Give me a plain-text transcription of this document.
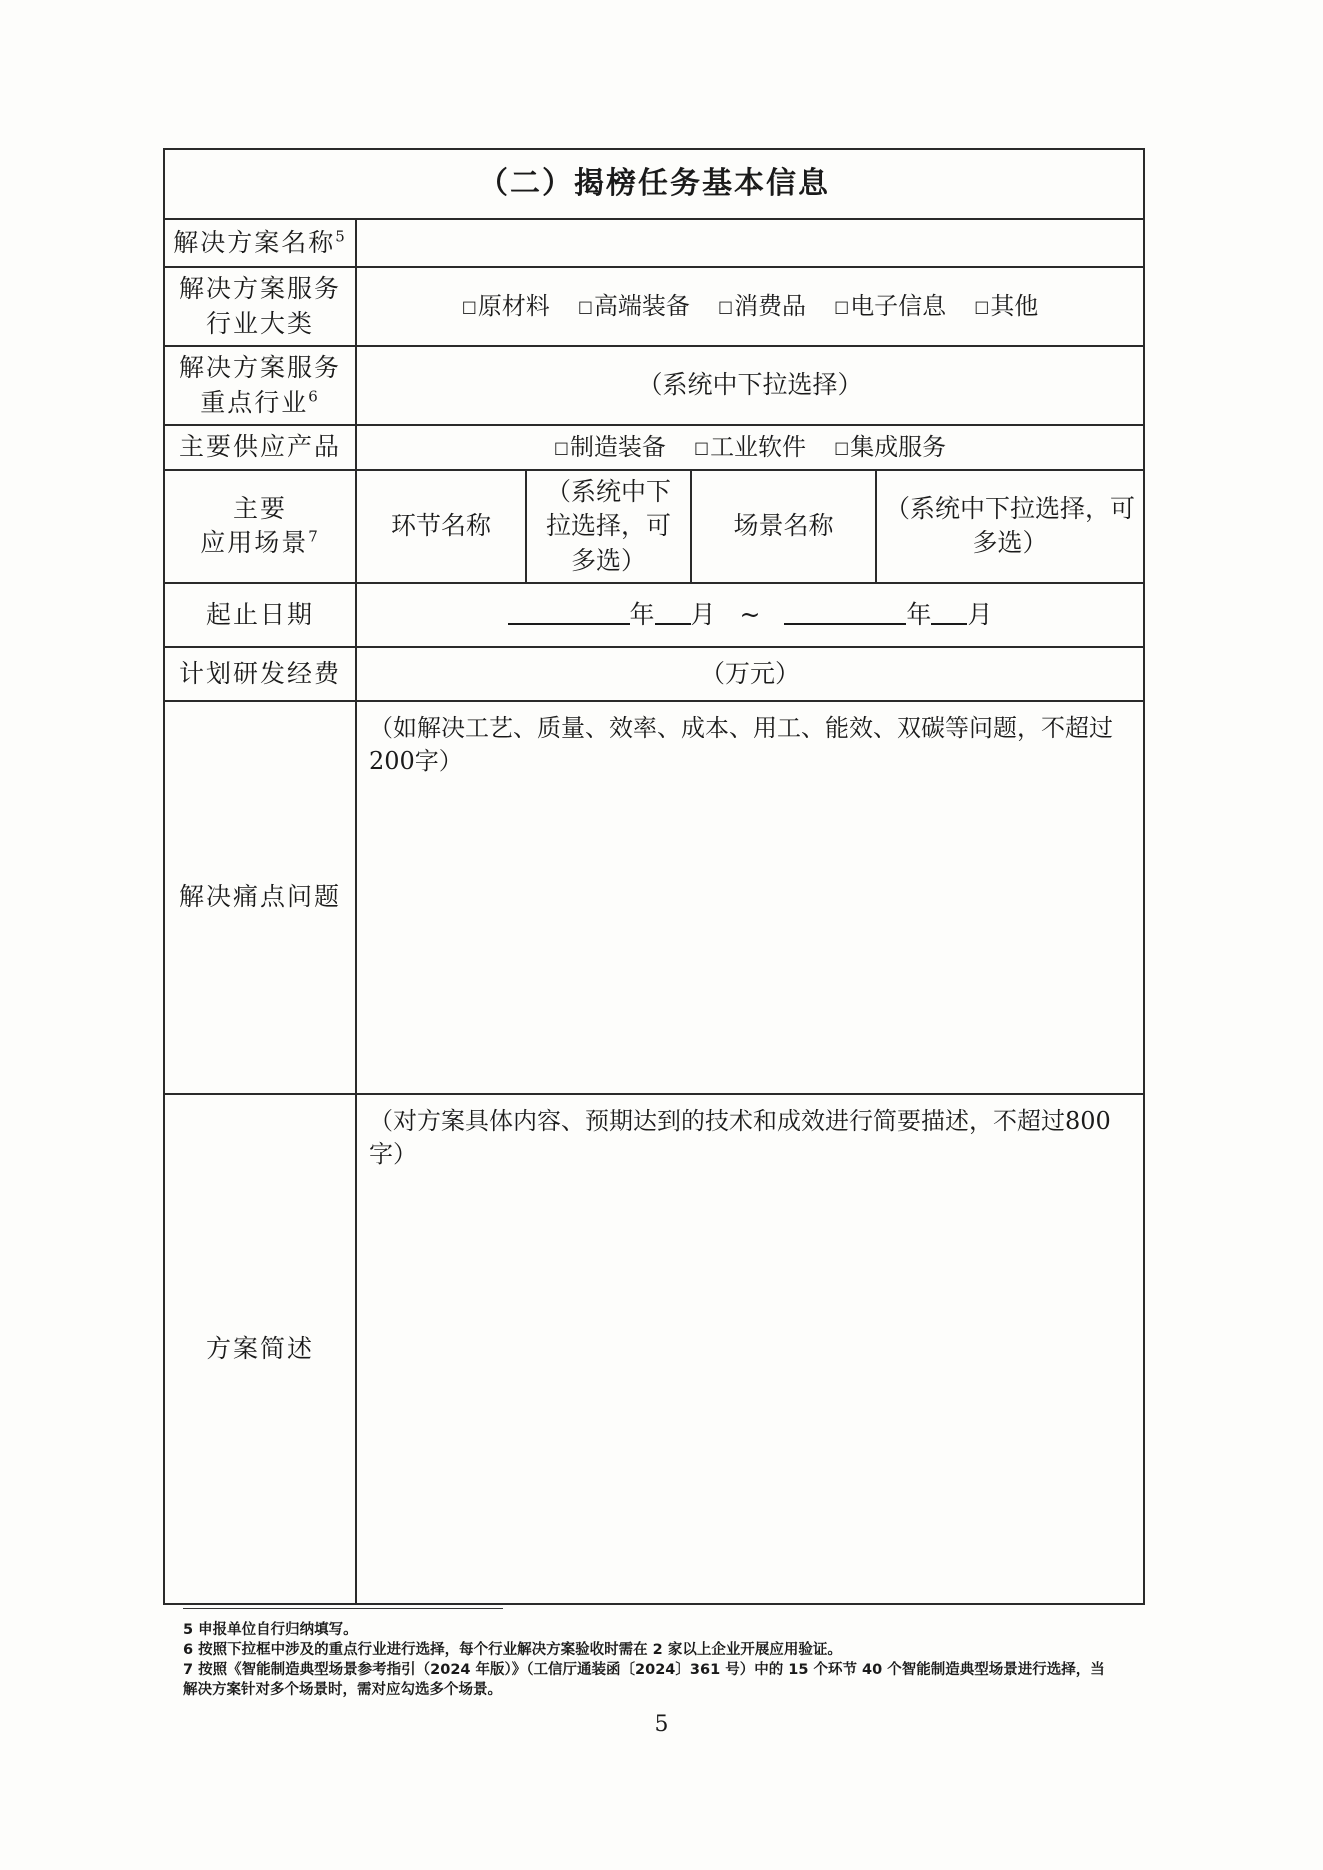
（二）揭榜任务基本信息				
解决方案名称$^5$	
解决方案服务
行业大类	□原材料 □高端装备 □消费品 □电子信息 □其他			

解决方案服务
重点行业$^6$	（系统中下拉选择）			
主要供应产品	□制造装备 □工业软件 □集成服务			

主要
应用场景$^7$	环节名称	（系统中下拉选择，可多选）	场景名称	（系统中下拉选择，可多选）
起止日期	年 月 ~ 年 月			
计划研发经费	（万元）			
解决痛点问题	（如解决工艺、质量、效率、成本、用工、能效、双碳等问题，不超过200字）			
方案简述	（对方案具体内容、预期达到的技术和成效进行简要描述，不超过800字）			

5 申报单位自行归纳填写。

6 按照下拉框中涉及的重点行业进行选择，每个行业解决方案验收时需在 2 家以上企业开展应用验证。

7 按照《智能制造典型场景参考指引（2024 年版）》（工信厅通装函〔2024〕361 号）中的 15 个环节 40 个智能制造典型场景进行选择，当解决方案针对多个场景时，需对应勾选多个场景。

5
